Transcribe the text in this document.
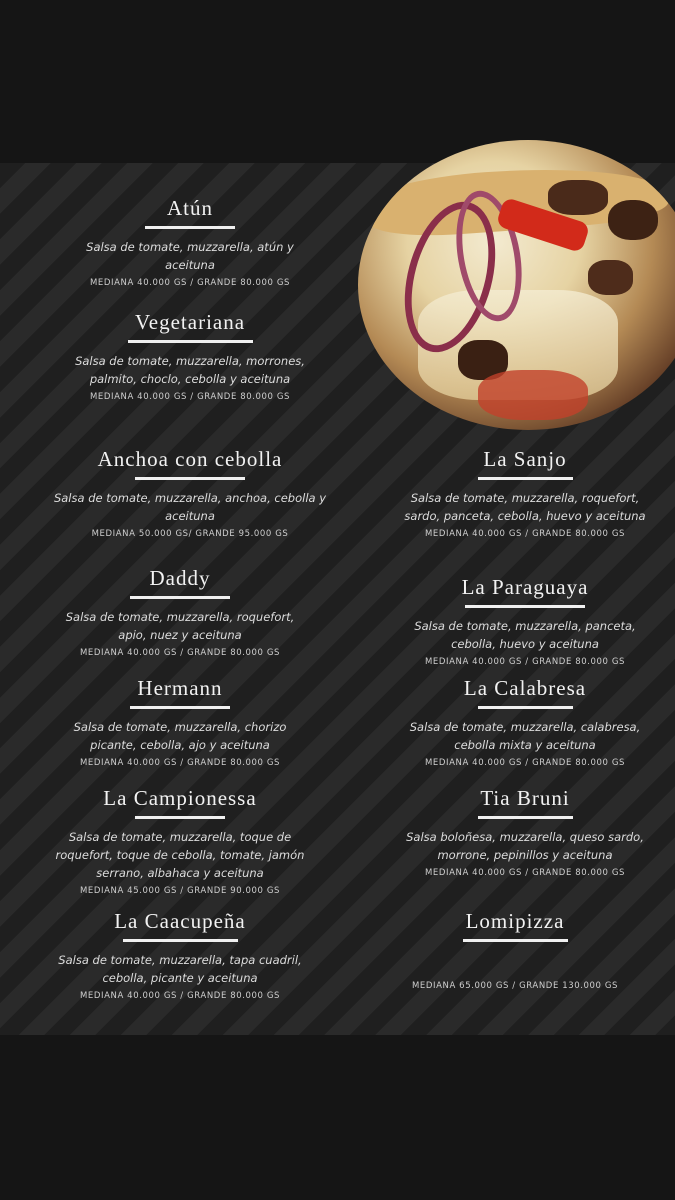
Atún
Salsa de tomate, muzzarella, atún y
aceituna
MEDIANA 40.000 GS / GRANDE 80.000 GS
Vegetariana
Salsa de tomate, muzzarella, morrones,
palmito, choclo, cebolla y aceituna
MEDIANA 40.000 GS / GRANDE 80.000 GS
Anchoa con cebolla
Salsa de tomate, muzzarella, anchoa, cebolla y
aceituna
MEDIANA 50.000 GS/ GRANDE 95.000 GS
Daddy
Salsa de tomate, muzzarella, roquefort,
apio, nuez y aceituna
MEDIANA 40.000 GS / GRANDE 80.000 GS
Hermann
Salsa de tomate, muzzarella, chorizo
picante, cebolla, ajo y aceituna
MEDIANA 40.000 GS / GRANDE 80.000 GS
La Campionessa
Salsa de tomate, muzzarella, toque de
roquefort, toque de cebolla, tomate, jamón
serrano, albahaca y aceituna
MEDIANA 45.000 GS / GRANDE 90.000 GS
La Caacupeña
Salsa de tomate, muzzarella, tapa cuadril,
cebolla, picante y aceituna
MEDIANA 40.000 GS / GRANDE 80.000 GS
La Sanjo
Salsa de tomate, muzzarella, roquefort,
sardo, panceta, cebolla, huevo y aceituna
MEDIANA 40.000 GS / GRANDE 80.000 GS
La Paraguaya
Salsa de tomate, muzzarella, panceta,
cebolla, huevo y aceituna
MEDIANA 40.000 GS / GRANDE 80.000 GS
La Calabresa
Salsa de tomate, muzzarella, calabresa,
cebolla mixta y aceituna
MEDIANA 40.000 GS / GRANDE 80.000 GS
Tia Bruni
Salsa boloñesa, muzzarella, queso sardo,
morrone, pepinillos y aceituna
MEDIANA 40.000 GS / GRANDE 80.000 GS
Lomipizza
MEDIANA 65.000 GS / GRANDE 130.000 GS
